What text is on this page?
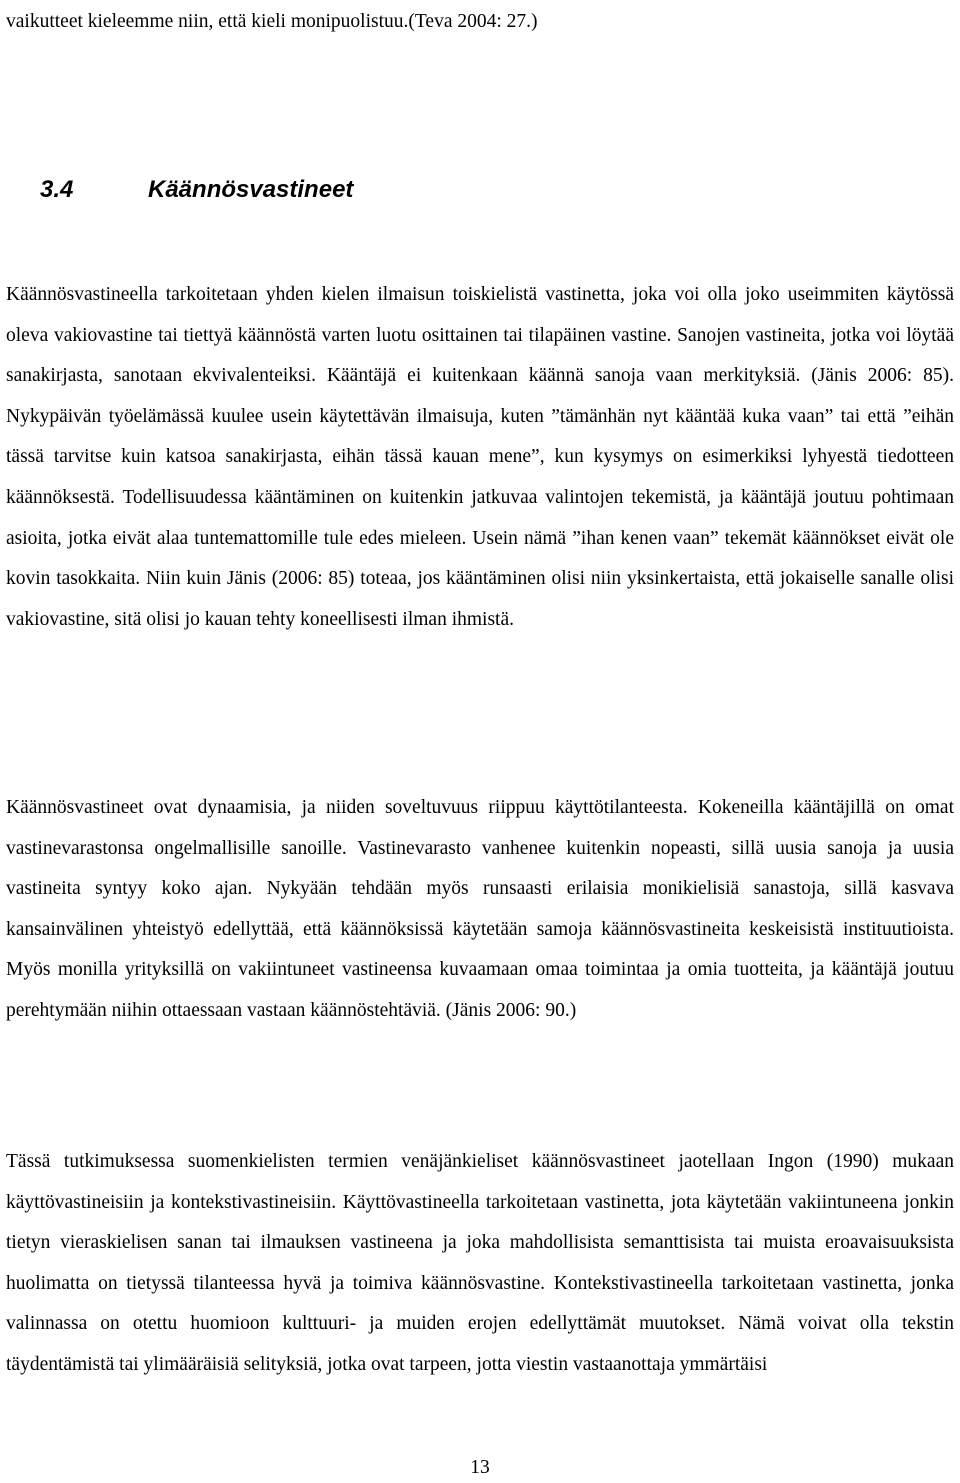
vaikutteet kieleemme niin, että kieli monipuolistuu.(Teva 2004: 27.)

3.4	Käännösvastineet

Käännösvastineella tarkoitetaan yhden kielen ilmaisun toiskielistä vastinetta, joka voi olla joko useimmiten käytössä oleva vakiovastine tai tiettyä käännöstä varten luotu osittainen tai tilapäinen vastine. Sanojen vastineita, jotka voi löytää sanakirjasta, sanotaan ekvivalenteiksi. Kääntäjä ei kuitenkaan käännä sanoja vaan merkityksiä. (Jänis 2006: 85). Nykypäivän työelämässä kuulee usein käytettävän ilmaisuja, kuten ”tämänhän nyt kääntää kuka vaan” tai että ”eihän tässä tarvitse kuin katsoa sanakirjasta, eihän tässä kauan mene”, kun kysymys on esimerkiksi lyhyestä tiedotteen käännöksestä. Todellisuudessa kääntäminen on kuitenkin jatkuvaa valintojen tekemistä, ja kääntäjä joutuu pohtimaan asioita, jotka eivät alaa tuntemattomille tule edes mieleen. Usein nämä ”ihan kenen vaan” tekemät käännökset eivät ole kovin tasokkaita. Niin kuin Jänis (2006: 85) toteaa, jos kääntäminen olisi niin yksinkertaista, että jokaiselle sanalle olisi vakiovastine, sitä olisi jo kauan tehty koneellisesti ilman ihmistä.

Käännösvastineet ovat dynaamisia, ja niiden soveltuvuus riippuu käyttötilanteesta. Kokeneilla kääntäjillä on omat vastinevarastonsa ongelmallisille sanoille. Vastinevarasto vanhenee kuitenkin nopeasti, sillä uusia sanoja ja uusia vastineita syntyy koko ajan. Nykyään tehdään myös runsaasti erilaisia monikielisiä sanastoja, sillä kasvava kansainvälinen yhteistyö edellyttää, että käännöksissä käytetään samoja käännösvastineita keskeisistä instituutioista. Myös monilla yrityksillä on vakiintuneet vastineensa kuvaamaan omaa toimintaa ja omia tuotteita, ja kääntäjä joutuu perehtymään niihin ottaessaan vastaan käännöstehtäviä. (Jänis 2006: 90.)

Tässä tutkimuksessa suomenkielisten termien venäjänkieliset käännösvastineet jaotellaan Ingon (1990) mukaan käyttövastineisiin ja kontekstivastineisiin. Käyttövastineella tarkoitetaan vastinetta, jota käytetään vakiintuneena jonkin tietyn vieraskielisen sanan tai ilmauksen vastineena ja joka mahdollisista semanttisista tai muista eroavaisuuksista huolimatta on tietyssä tilanteessa hyvä ja toimiva käännösvastine. Kontekstivastineella tarkoitetaan vastinetta, jonka valinnassa on otettu huomioon kulttuuri- ja muiden erojen edellyttämät muutokset. Nämä voivat olla tekstin täydentämistä tai ylimääräisiä selityksiä, jotka ovat tarpeen, jotta viestin vastaanottaja ymmärtäisi

13
